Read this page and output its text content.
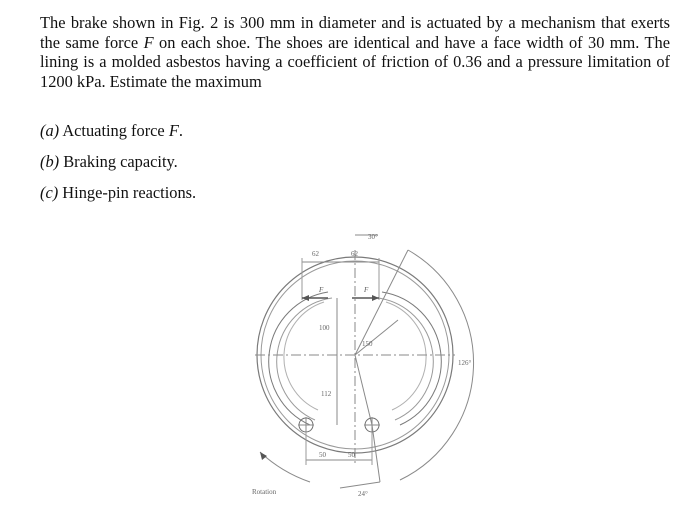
The brake shown in Fig. 2 is 300 mm in diameter and is actuated by a mechanism that exerts the same force F on each shoe. The shoes are identical and have a face width of 30 mm. The lining is a molded asbestos having a coefficient of friction of 0.36 and a pressure limitation of 1200 kPa. Estimate the maximum

(a) Actuating force F.
(b) Braking capacity.
(c) Hinge-pin reactions.
62	62
30°
F	F
100
150
126°
112
50	50
24°
Rotation
